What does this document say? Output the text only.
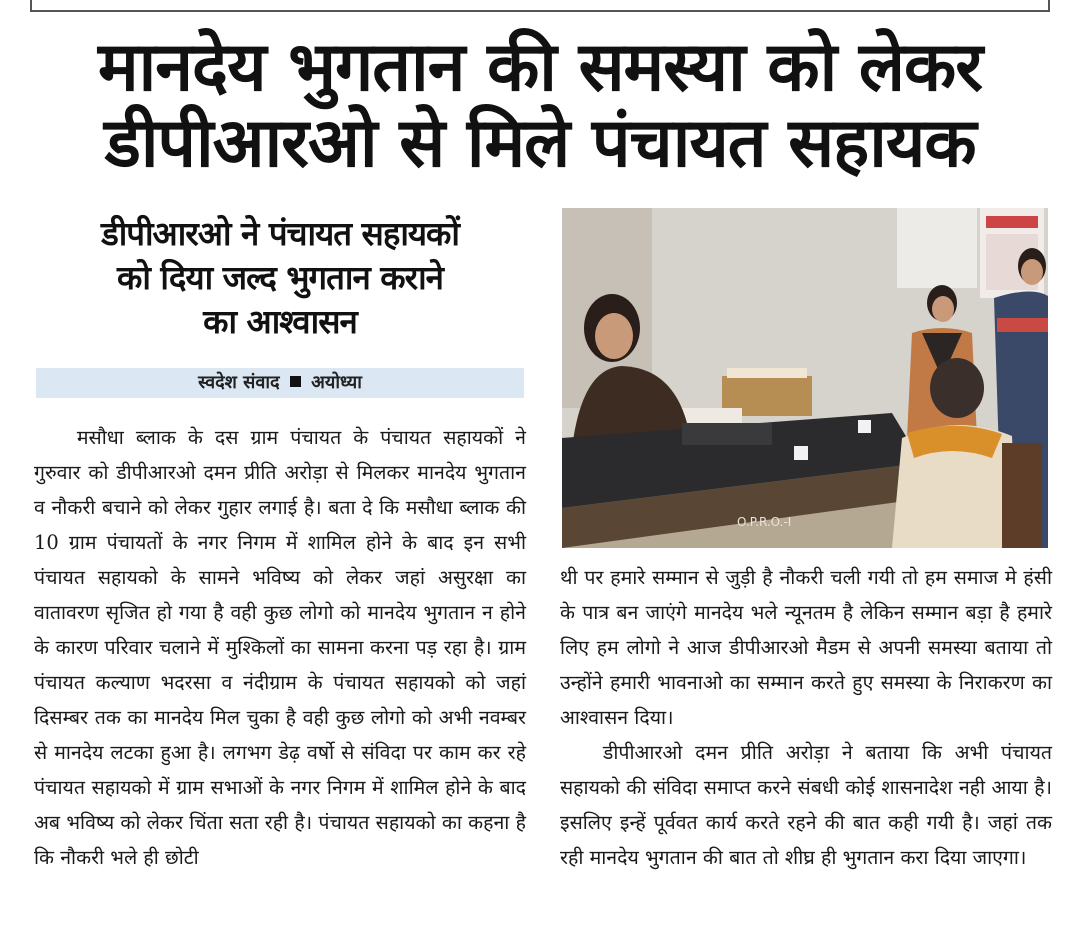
मानदेय भुगतान की समस्या को लेकर
डीपीआरओ से मिले पंचायत सहायक
डीपीआरओ ने पंचायत सहायकों
को दिया जल्द भुगतान कराने
का आश्वासन
स्वदेश संवाद अयोध्या

मसौधा ब्लाक के दस ग्राम पंचायत के पंचायत सहायकों ने गुरुवार को डीपीआरओ दमन प्रीति अरोड़ा से मिलकर मानदेय भुगतान व नौकरी बचाने को लेकर गुहार लगाई है। बता दे कि मसौधा ब्लाक की 10 ग्राम पंचायतों के नगर निगम में शामिल होने के बाद इन सभी पंचायत सहायको के सामने भविष्य को लेकर जहां असुरक्षा का वातावरण सृजित हो गया है वही कुछ लोगो को मानदेय भुगतान न होने के कारण परिवार चलाने में मुश्किलों का सामना करना पड़ रहा है। ग्राम पंचायत कल्याण भदरसा व नंदीग्राम के पंचायत सहायको को जहां दिसम्बर तक का मानदेय मिल चुका है वही कुछ लोगो को अभी नवम्बर से मानदेय लटका हुआ है। लगभग डेढ़ वर्षो से संविदा पर काम कर रहे पंचायत सहायको में ग्राम सभाओं के नगर निगम में शामिल होने के बाद अब भविष्य को लेकर चिंता सता रही है। पंचायत सहायको का कहना है कि नौकरी भले ही छोटी

O.P.R.O.-I

थी पर हमारे सम्मान से जुड़ी है नौकरी चली गयी तो हम समाज मे हंसी के पात्र बन जाएंगे मानदेय भले न्यूनतम है लेकिन सम्मान बड़ा है हमारे लिए हम लोगो ने आज डीपीआरओ मैडम से अपनी समस्या बताया तो उन्होंने हमारी भावनाओ का सम्मान करते हुए समस्या के निराकरण का आश्वासन दिया।

डीपीआरओ दमन प्रीति अरोड़ा ने बताया कि अभी पंचायत सहायको की संविदा समाप्त करने संबधी कोई शासनादेश नही आया है। इसलिए इन्हें पूर्ववत कार्य करते रहने की बात कही गयी है। जहां तक रही मानदेय भुगतान की बात तो शीघ्र ही भुगतान करा दिया जाएगा।
